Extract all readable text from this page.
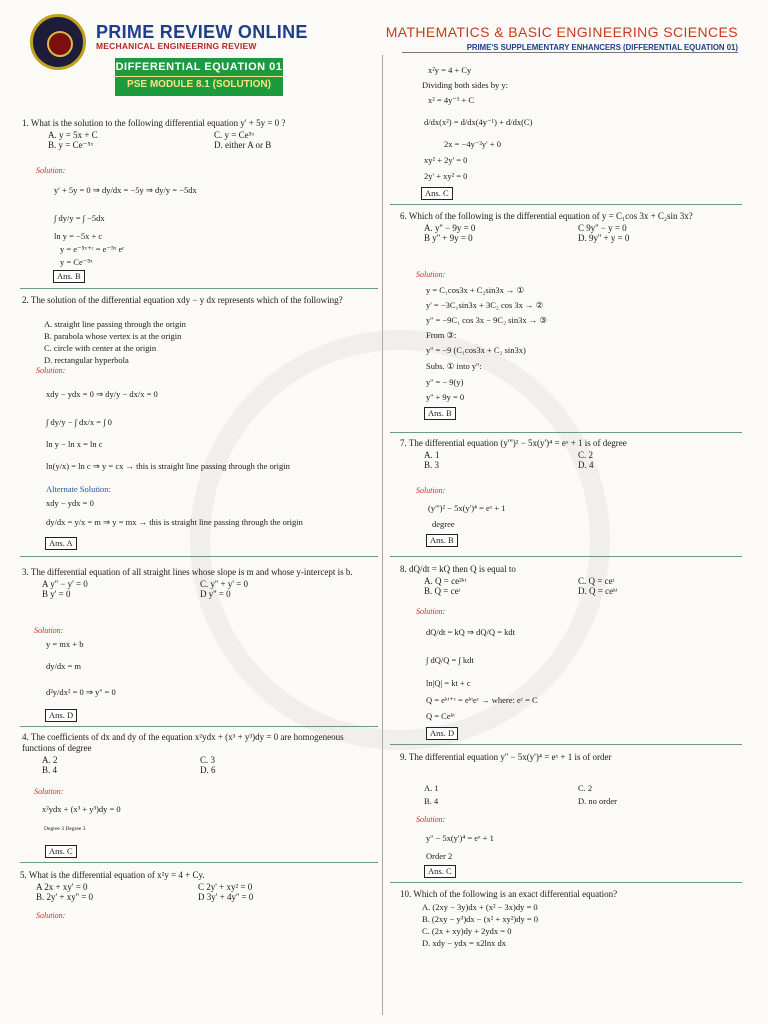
PRIME REVIEW ONLINE
MECHANICAL ENGINEERING REVIEW
MATHEMATICS & BASIC ENGINEERING SCIENCES
PRIME'S SUPPLEMENTARY ENHANCERS (DIFFERENTIAL EQUATION 01)
DIFFERENTIAL EQUATION 01
PSE MODULE 8.1 (SOLUTION)
1. What is the solution to the following differential equation y' + 5y = 0 ?
A. y = 5x + C
B. y = Ce⁻⁵ˣ
C. y = Ce⁵ˣ
D. either A or B
Solution:
y' + 5y = 0 ⇒ dy/dx = −5y ⇒ dy/y = −5dx
∫ dy/y = ∫ −5dx
ln y = −5x + c
y = e⁻⁵ˣ⁺ᶜ = e⁻⁵ˣ eᶜ
y = Ce⁻⁵ˣ
Ans. B
2. The solution of the differential equation xdy − y dx represents which of the following?
A. straight line passing through the origin
B. parabola whose vertex is at the origin
C. circle with center at the origin
D. rectangular hyperbola
Solution:
xdy − ydx = 0 ⇒ dy/y − dx/x = 0
∫ dy/y − ∫ dx/x = ∫ 0
ln y − ln x = ln c
ln(y/x) = ln c ⇒ y = cx → this is straight line passing through the origin
Alternate Solution:
xdy − ydx = 0
dy/dx = y/x = m ⇒ y = mx → this is straight line passing through the origin
Ans. A
3. The differential equation of all straight lines whose slope is m and whose y-intercept is b.
A y'' − y' = 0
B y' = 0
C. y'' + y' = 0
D y'' = 0
Solution:
y = mx + b
dy/dx = m
d²y/dx² = 0 ⇒ y'' = 0
Ans. D
4. The coefficients of dx and dy of the equation x²ydx + (x³ + y³)dy = 0 are homogeneous functions of degree
A. 2
B. 4
C. 3
D. 6
Solution:
x²ydx + (x³ + y³)dy = 0
Degree 3 Degree 3
Ans. C
5. What is the differential equation of x²y = 4 + Cy.
A 2x + xy' = 0
B. 2y' + xy'' = 0
C 2y' + xy² = 0
D 3y' + 4y'' = 0
Solution:
x²y = 4 + Cy
Dividing both sides by y:
x² = 4y⁻¹ + C
d/dx(x²) = d/dx(4y⁻¹) + d/dx(C)
2x = −4y⁻²y' + 0
xy² + 2y' = 0
2y' + xy² = 0
Ans. C
6. Which of the following is the differential equation of y = C₁cos 3x + C₂sin 3x?
A. y'' − 9y = 0
B y'' + 9y = 0
C 9y'' − y = 0
D. 9y'' + y = 0
Solution:
y = C₁cos3x + C₂sin3x → ①
y' = −3C₁sin3x + 3C₂ cos 3x → ②
y'' = −9C₁ cos 3x − 9C₂ sin3x → ③
From ③:
y'' = −9 (C₁cos3x + C₂ sin3x)
Subs. ① into y'':
y'' = − 9(y)
y'' + 9y = 0
Ans. B
7. The differential equation (y''')² − 5x(y')⁴ = eˣ + 1 is of degree
A. 1
B. 3
C. 2
D. 4
Solution:
(y''')² − 5x(y')⁴ = eˣ + 1
degree
Ans. B
8. dQ/dt = kQ then Q is equal to
A. Q = ce²ᵏᵗ
B. Q = ceᵗ
C. Q = ceᵗ
D. Q = ceᵏᵗ
Solution:
dQ/dt = kQ ⇒ dQ/Q = kdt
∫ dQ/Q = ∫ kdt
ln|Q| = kt + c
Q = eᵏᵗ⁺ᶜ = eᵏᵗeᶜ → where: eᶜ = C
Q = Ceᵏᵗ
Ans. D
9. The differential equation y'' − 5x(y')⁴ = eˣ + 1 is of order
A. 1
B. 4
C. 2
D. no order
Solution:
y'' − 5x(y')⁴ = eˣ + 1
Order 2
Ans. C
10. Which of the following is an exact differential equation?
A. (2xy − 3y)dx + (x² − 3x)dy = 0
B. (2xy − y³)dx − (x² + xy²)dy = 0
C. (2x + xy)dy + 2ydx = 0
D. xdy − ydx = x2lnx dx
